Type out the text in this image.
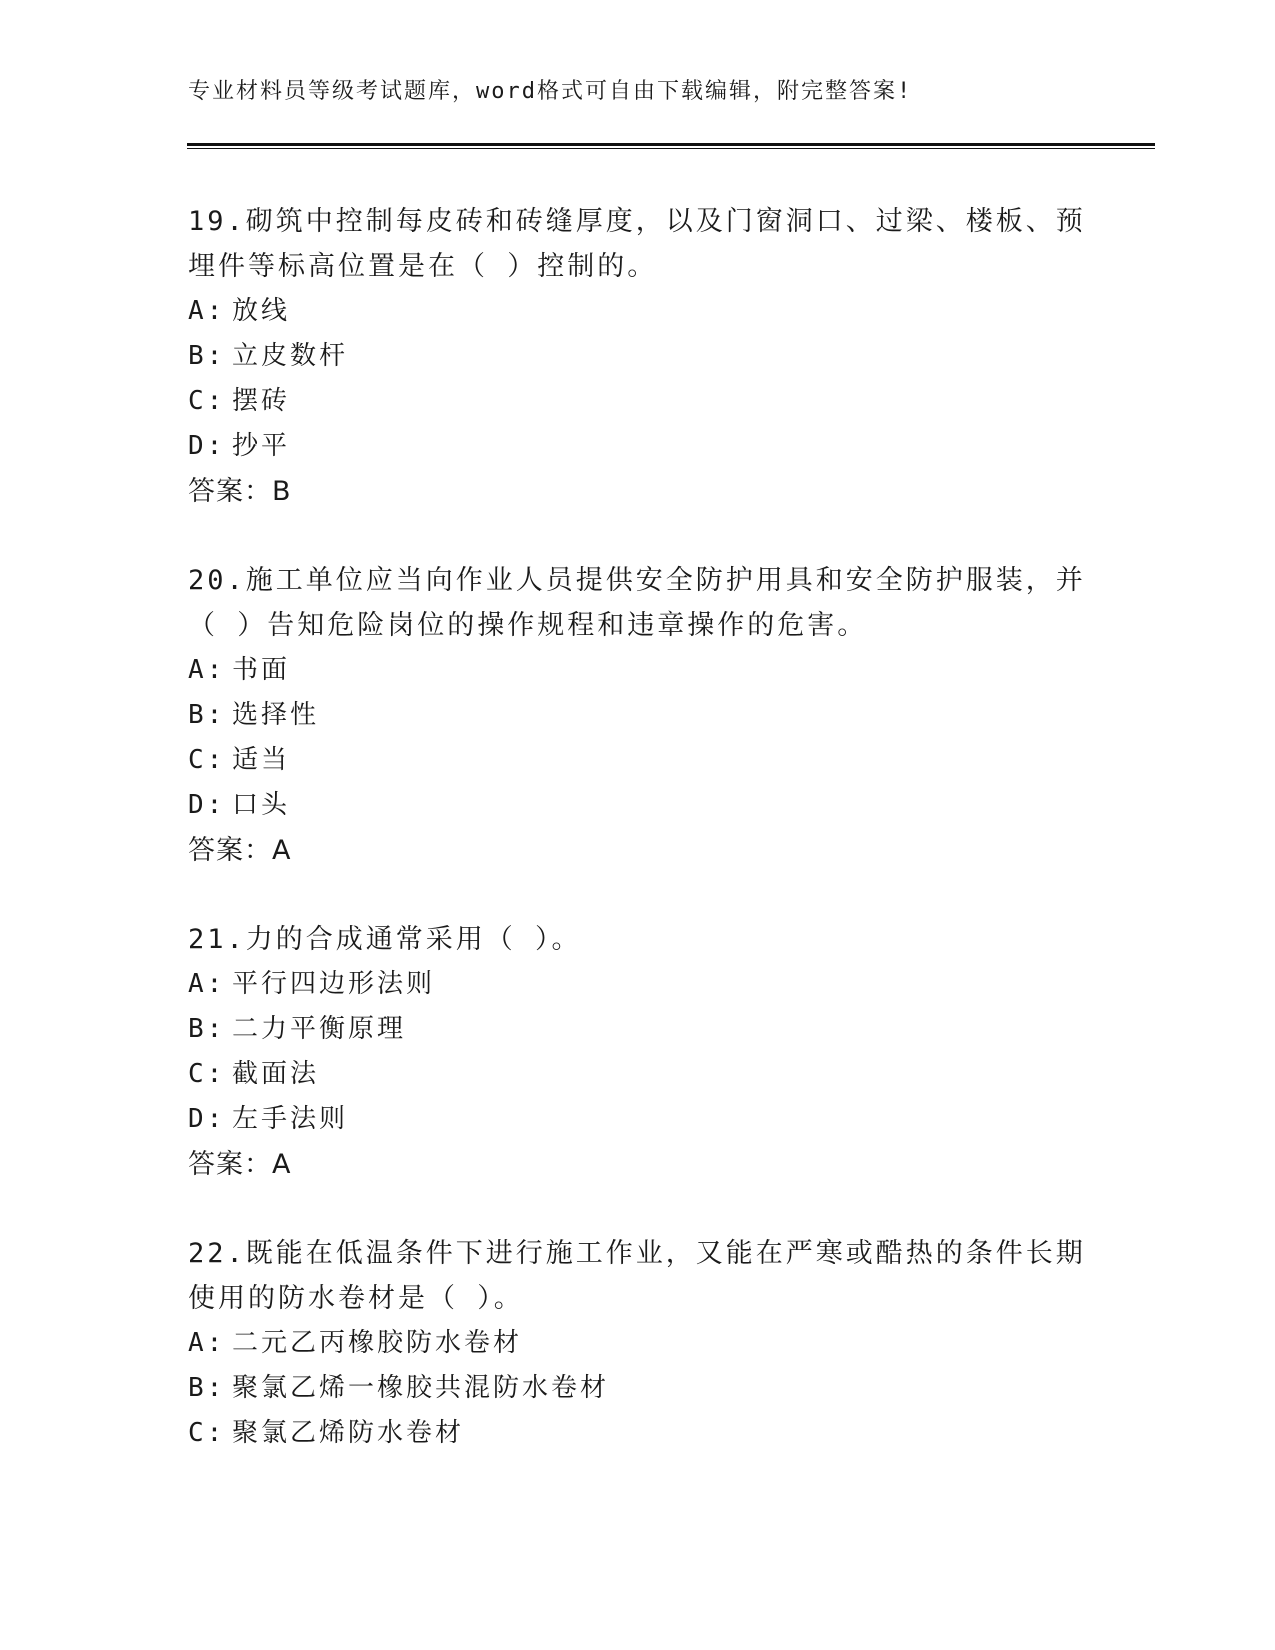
专业材料员等级考试题库，word格式可自由下载编辑，附完整答案!

19.砌筑中控制每皮砖和砖缝厚度，以及门窗洞口、过梁、楼板、预埋件等标高位置是在（ ）控制的。

A: 放线
B: 立皮数杆
C: 摆砖
D: 抄平
答案：B

20.施工单位应当向作业人员提供安全防护用具和安全防护服装，并（ ）告知危险岗位的操作规程和违章操作的危害。

A: 书面
B: 选择性
C: 适当
D: 口头
答案：A

21.力的合成通常采用（ ）。

A: 平行四边形法则
B: 二力平衡原理
C: 截面法
D: 左手法则
答案：A

22.既能在低温条件下进行施工作业，又能在严寒或酷热的条件长期使用的防水卷材是（ ）。

A: 二元乙丙橡胶防水卷材
B: 聚氯乙烯一橡胶共混防水卷材
C: 聚氯乙烯防水卷材
